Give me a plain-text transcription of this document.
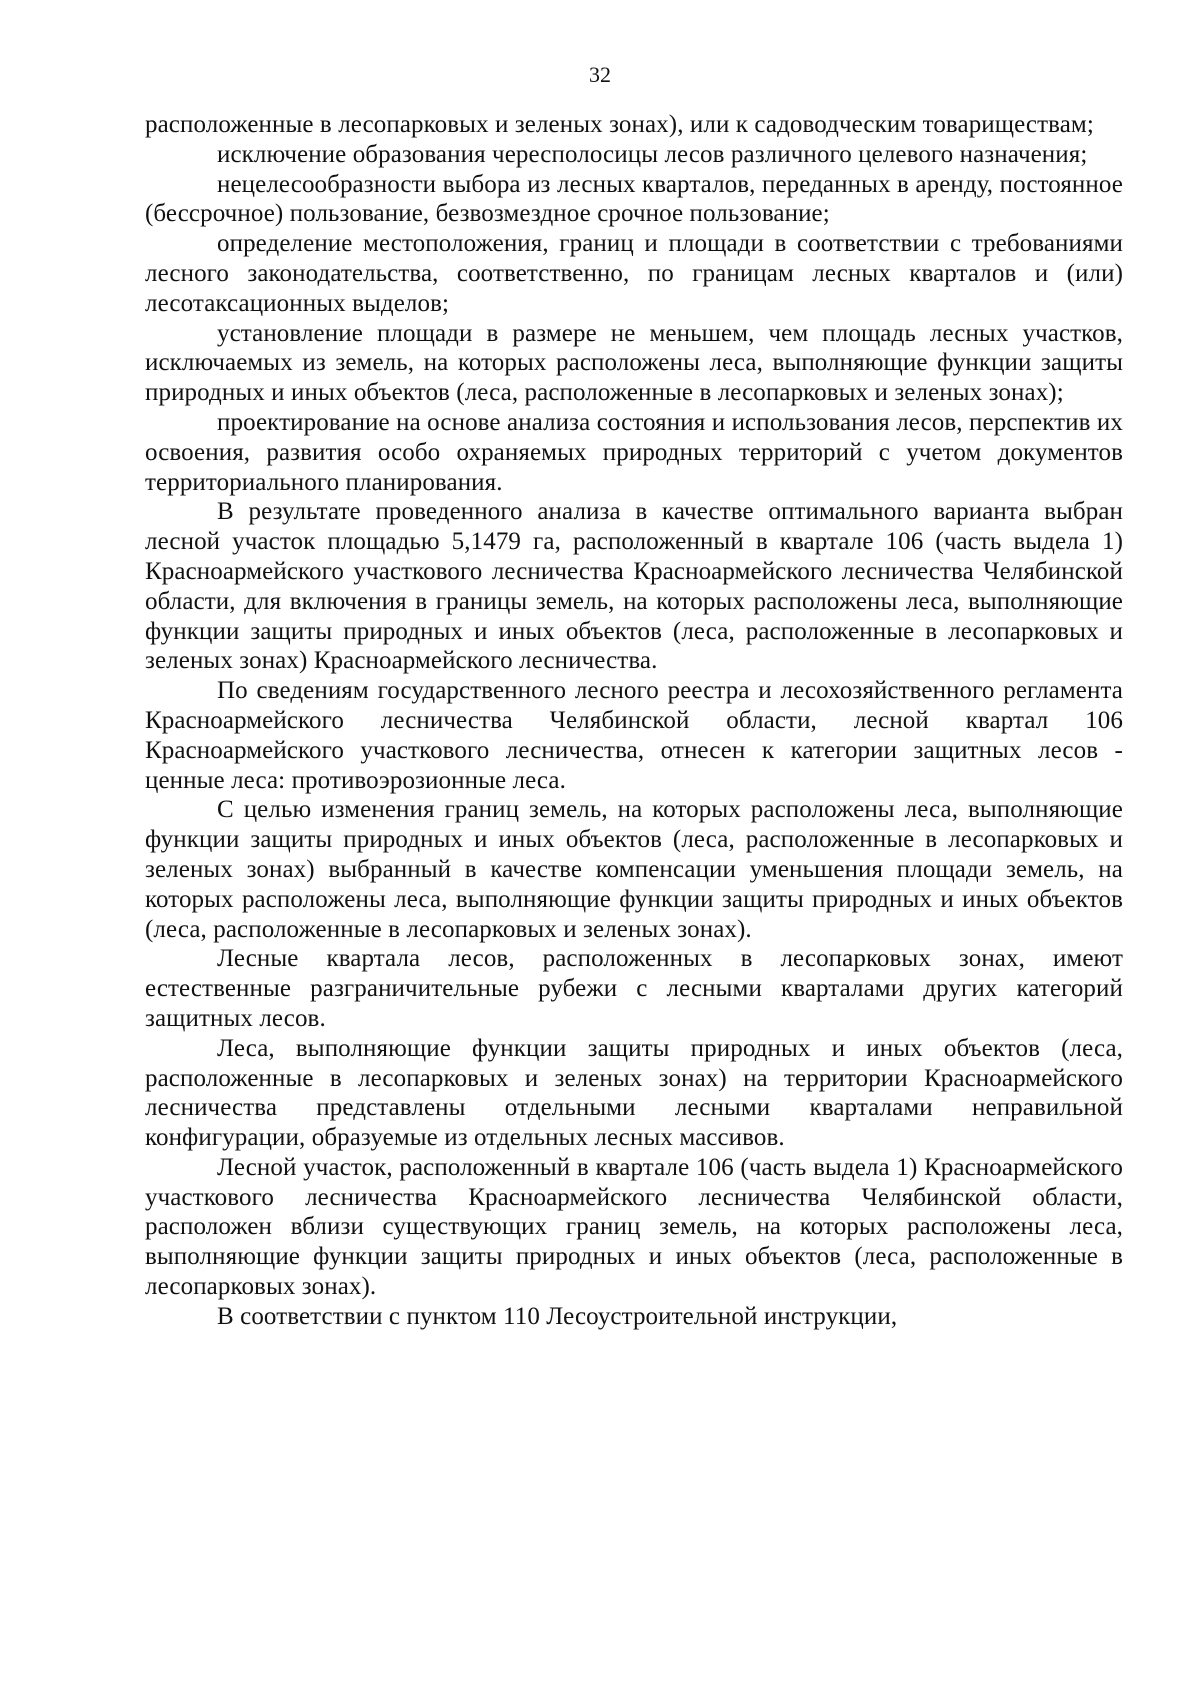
32

расположенные в лесопарковых и зеленых зонах), или к садоводческим товариществам;

исключение образования чересполосицы лесов различного целевого назначения;

нецелесообразности выбора из лесных кварталов, переданных в аренду, постоянное (бессрочное) пользование, безвозмездное срочное пользование;

определение местоположения, границ и площади в соответствии с требованиями лесного законодательства, соответственно, по границам лесных кварталов и (или) лесотаксационных выделов;

установление площади в размере не меньшем, чем площадь лесных участков, исключаемых из земель, на которых расположены леса, выполняющие функции защиты природных и иных объектов (леса, расположенные в лесопарковых и зеленых зонах);

проектирование на основе анализа состояния и использования лесов, перспектив их освоения, развития особо охраняемых природных территорий с учетом документов территориального планирования.

В результате проведенного анализа в качестве оптимального варианта выбран лесной участок площадью 5,1479 га, расположенный в квартале 106 (часть выдела 1) Красноармейского участкового лесничества Красноармейского лесничества Челябинской области, для включения в границы земель, на которых расположены леса, выполняющие функции защиты природных и иных объектов (леса, расположенные в лесопарковых и зеленых зонах) Красноармейского лесничества.

По сведениям государственного лесного реестра и лесохозяйственного регламента Красноармейского лесничества Челябинской области, лесной квартал 106 Красноармейского участкового лесничества, отнесен к категории защитных лесов - ценные леса: противоэрозионные леса.

С целью изменения границ земель, на которых расположены леса, выполняющие функции защиты природных и иных объектов (леса, расположенные в лесопарковых и зеленых зонах) выбранный в качестве компенсации уменьшения площади земель, на которых расположены леса, выполняющие функции защиты природных и иных объектов (леса, расположенные в лесопарковых и зеленых зонах).

Лесные квартала лесов, расположенных в лесопарковых зонах, имеют естественные разграничительные рубежи с лесными кварталами других категорий защитных лесов.

Леса, выполняющие функции защиты природных и иных объектов (леса, расположенные в лесопарковых и зеленых зонах) на территории Красноармейского лесничества представлены отдельными лесными кварталами неправильной конфигурации, образуемые из отдельных лесных массивов.

Лесной участок, расположенный в квартале 106 (часть выдела 1) Красноармейского участкового лесничества Красноармейского лесничества Челябинской области, расположен вблизи существующих границ земель, на которых расположены леса, выполняющие функции защиты природных и иных объектов (леса, расположенные в лесопарковых зонах).

В соответствии с пунктом 110 Лесоустроительной инструкции,
